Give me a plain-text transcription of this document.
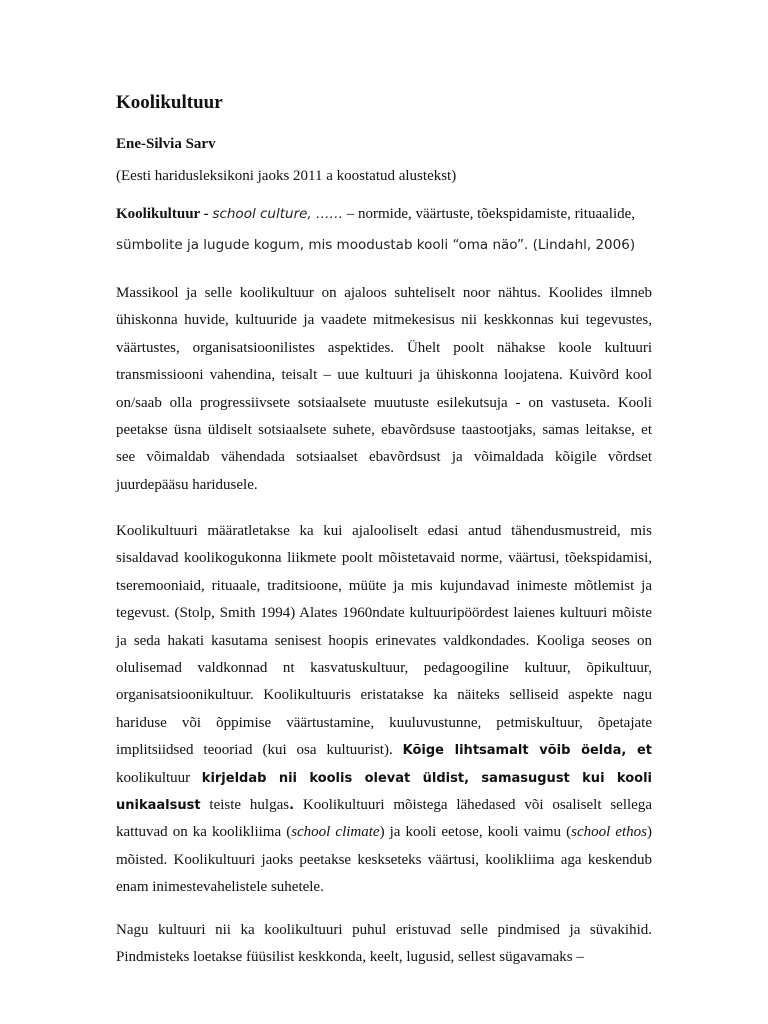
Koolikultuur
Ene-Silvia Sarv
(Eesti haridusleksikoni jaoks 2011 a koostatud alustekst)
Koolikultuur - school culture, …… – normide, väärtuste, tõekspidamiste, rituaalide,
sümbolite ja lugude kogum, mis moodustab kooli “oma näo”. (Lindahl, 2006)

Massikool ja selle koolikultuur on ajaloos suhteliselt noor nähtus. Koolides ilmneb ühiskonna huvide, kultuuride ja vaadete mitmekesisus nii keskkonnas kui tegevustes, väärtustes, organisatsioonilistes aspektides. Ühelt poolt nähakse koole kultuuri transmissiooni vahendina, teisalt – uue kultuuri ja ühiskonna loojatena. Kuivõrd kool on/saab olla progressiivsete sotsiaalsete muutuste esilekutsuja - on vastuseta. Kooli peetakse üsna üldiselt sotsiaalsete suhete, ebavõrdsuse taastootjaks, samas leitakse, et see võimaldab vähendada sotsiaalset ebavõrdsust ja võimaldada kõigile võrdset juurdepääsu haridusele.

Koolikultuuri määratletakse ka kui ajalooliselt edasi antud tähendusmustreid, mis sisaldavad koolikogukonna liikmete poolt mõistetavaid norme, väärtusi, tõekspidamisi, tseremooniaid, rituaale, traditsioone, müüte ja mis kujundavad inimeste mõtlemist ja tegevust. (Stolp, Smith 1994) Alates 1960ndate kultuuripöördest laienes kultuuri mõiste ja seda hakati kasutama senisest hoopis erinevates valdkondades. Kooliga seoses on olulisemad valdkonnad nt kasvatuskultuur, pedagoogiline kultuur, õpikultuur, organisatsioonikultuur. Koolikultuuris eristatakse ka näiteks selliseid aspekte nagu hariduse või õppimise väärtustamine, kuuluvustunne, petmiskultuur, õpetajate implitsiidsed teooriad (kui osa kultuurist). Kõige lihtsamalt võib öelda, et koolikultuur kirjeldab nii koolis olevat üldist, samasugust kui kooli unikaalsust teiste hulgas. Koolikultuuri mõistega lähedased või osaliselt sellega kattuvad on ka koolikliima (school climate) ja kooli eetose, kooli vaimu (school ethos) mõisted. Koolikultuuri jaoks peetakse keskseteks väärtusi, koolikliima aga keskendub enam inimestevahelistele suhetele.

Nagu kultuuri nii ka koolikultuuri puhul eristuvad selle pindmised ja süvakihid. Pindmisteks loetakse füüsilist keskkonda, keelt, lugusid, sellest sügavamaks –
